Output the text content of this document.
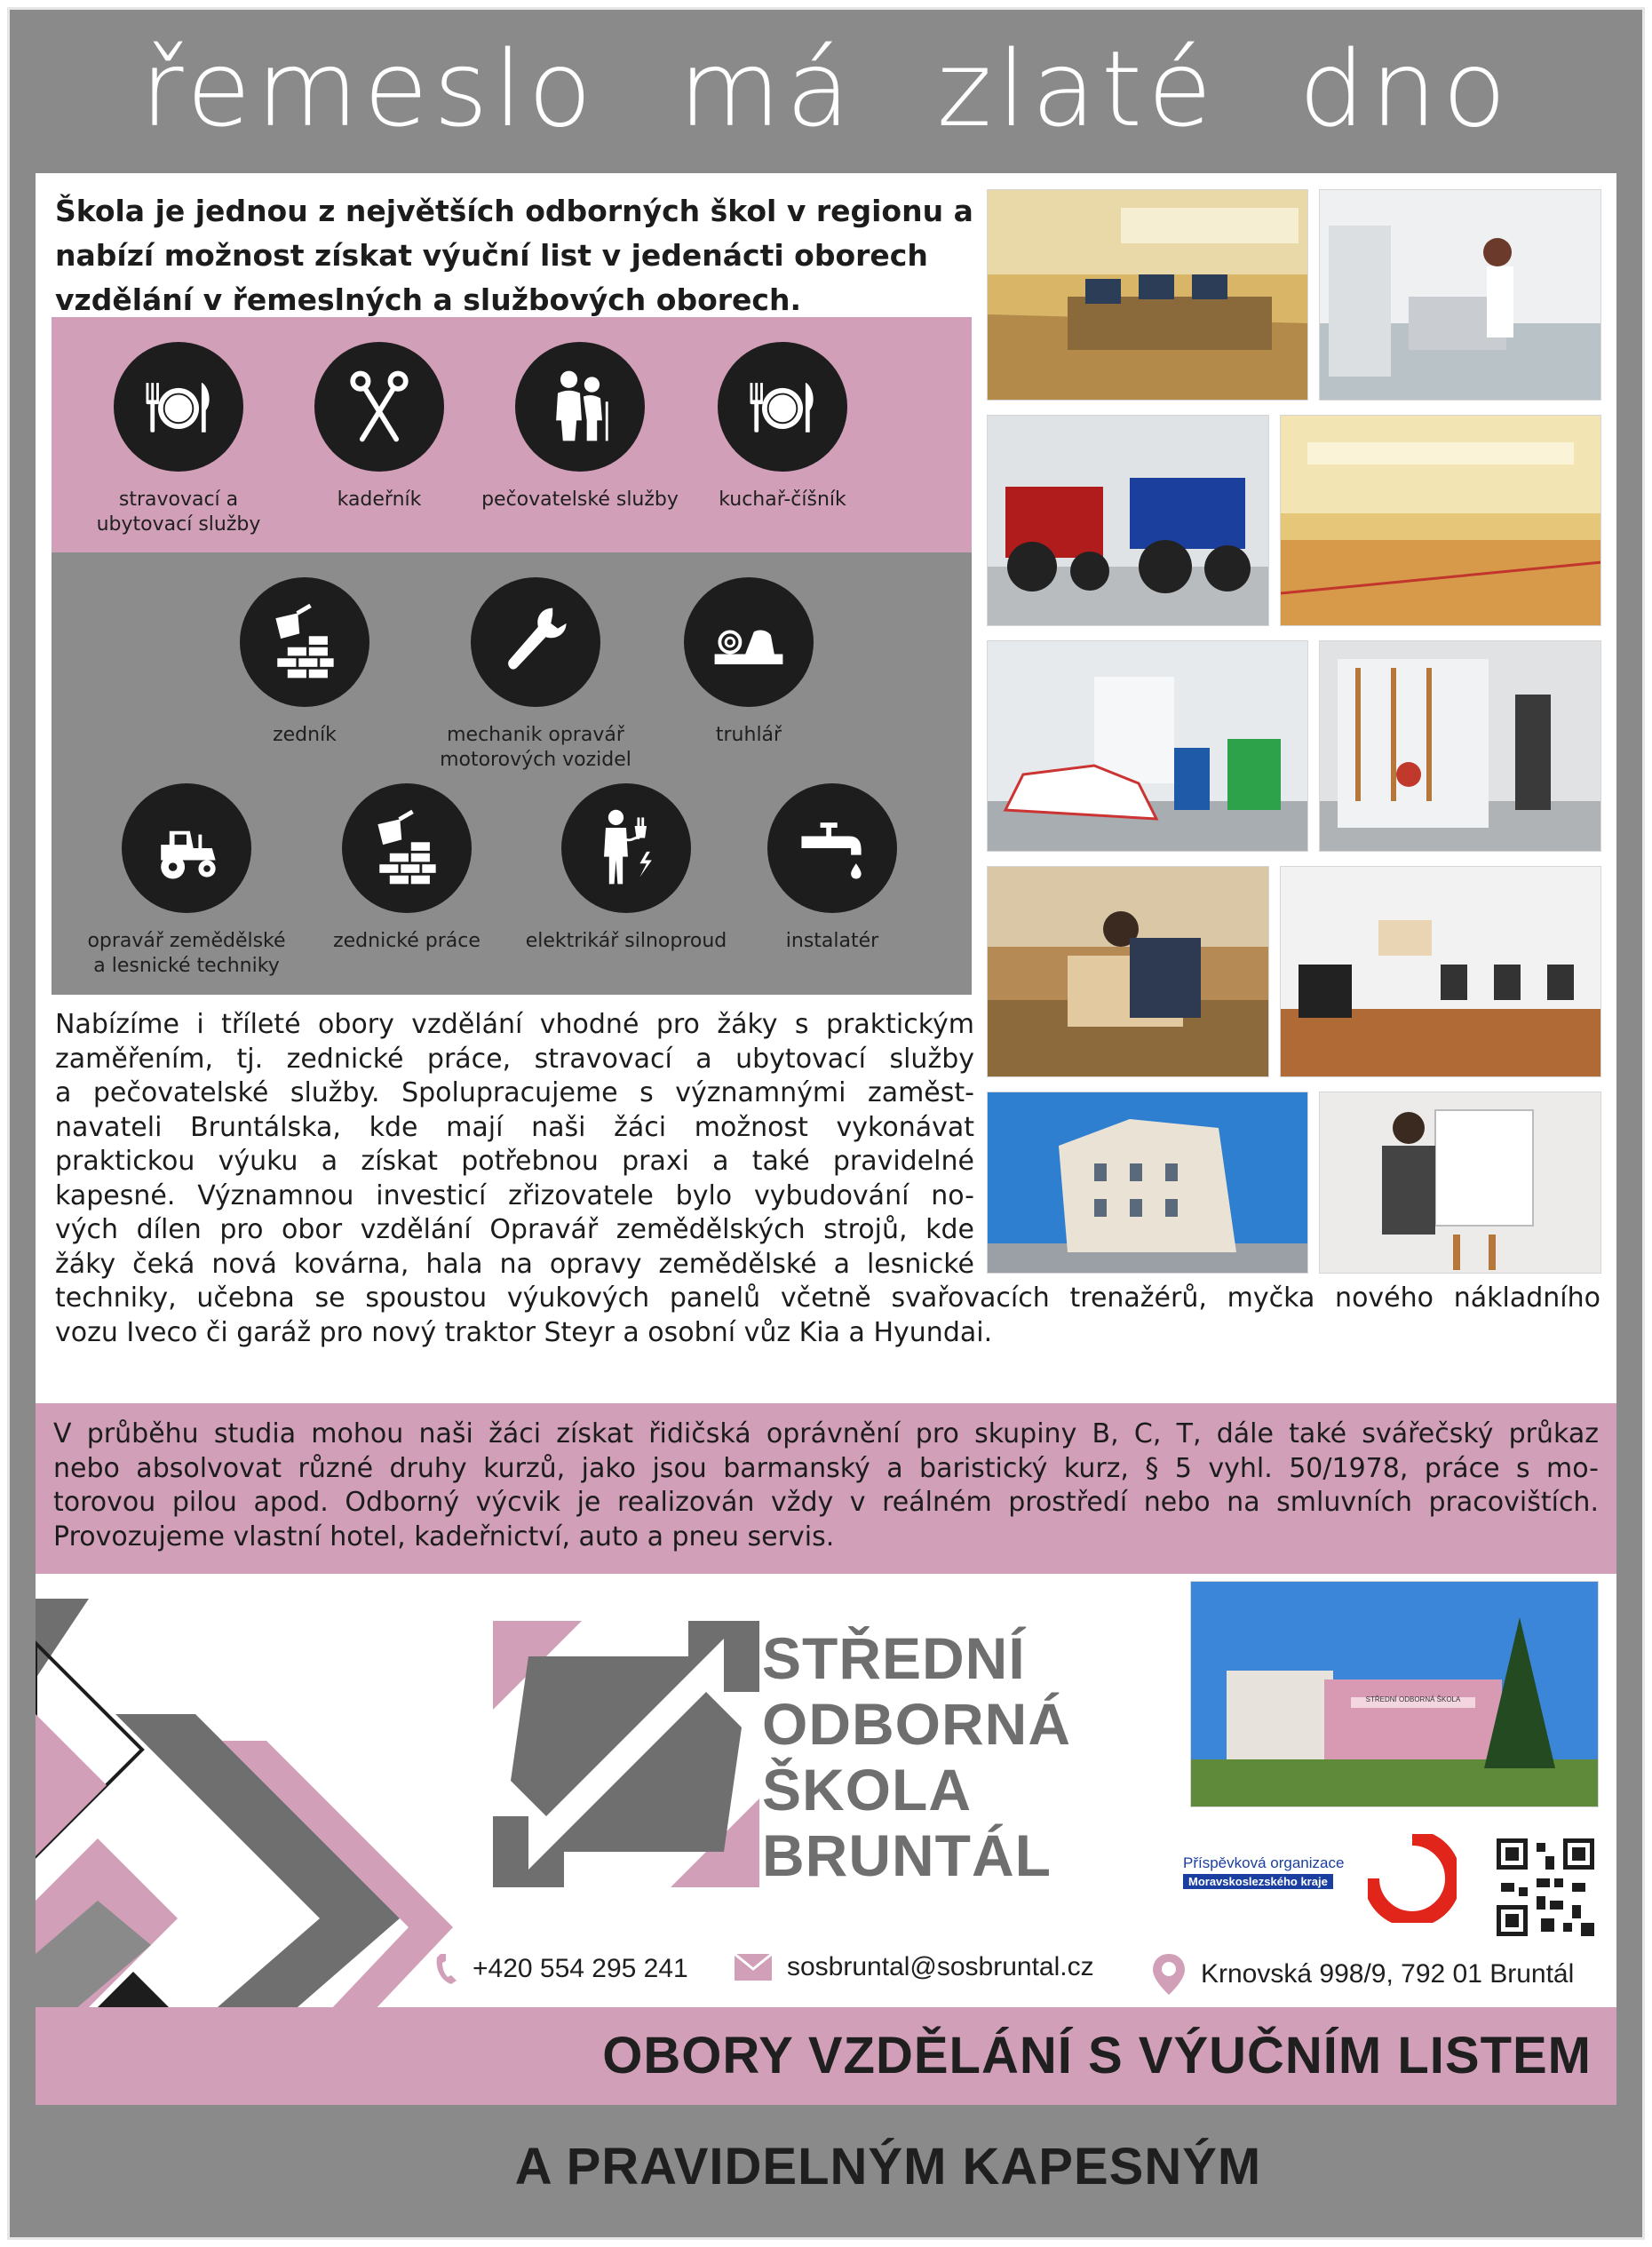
řemeslo má zlaté dno

Škola je jednou z největších odborných škol v regionu a nabízí možnost získat výuční list v jedenácti oborech vzdělání v řemeslných a službových oborech.

stravovací a ubytovací služby
kadeřník	pečovatelské služby	kuchař-číšník
zedník	mechanik opravář motorových vozidel
truhlář
opravář zemědělské a lesnické techniky
zednické práce	elektrikář silnoproud	instalatér
Nabízíme i tříleté obory vzdělání vhodné pro žáky s praktickým
zaměřením, tj. zednické práce, stravovací a ubytovací služby
a pečovatelské služby. Spolupracujeme s významnými zaměst-
navateli Bruntálska, kde mají naši žáci možnost vykonávat
praktickou výuku a získat potřebnou praxi a také pravidelné
kapesné. Významnou investicí zřizovatele bylo vybudování no-
vých dílen pro obor vzdělání Opravář zemědělských strojů, kde
žáky čeká nová kovárna, hala na opravy zemědělské a lesnické
techniky, učebna se spoustou výukových panelů včetně svařovacích trenažérů, myčka nového nákladního
vozu Iveco či garáž pro nový traktor Steyr a osobní vůz Kia a Hyundai.

V průběhu studia mohou naši žáci získat řidičská oprávnění pro skupiny B, C, T, dále také svářečský průkaz
nebo absolvovat různé druhy kurzů, jako jsou barmanský a baristický kurz, § 5 vyhl. 50/1978, práce s mo-
torovou pilou apod. Odborný výcvik je realizován vždy v reálném prostředí nebo na smluvních pracovištích.
Provozujeme vlastní hotel, kadeřnictví, auto a pneu servis.

STŘEDNÍ ODBORNÁ ŠKOLA
STŘEDNÍ
ODBORNÁ
ŠKOLA
BRUNTÁL	Příspěvková organizace
Moravskoslezského kraje
+420 554 295 241	sosbruntal@sosbruntal.cz	Krnovská 998/9, 792 01 Bruntál
OBORY VZDĚLÁNÍ S VÝUČNÍM LISTEM
A PRAVIDELNÝM KAPESNÝM
